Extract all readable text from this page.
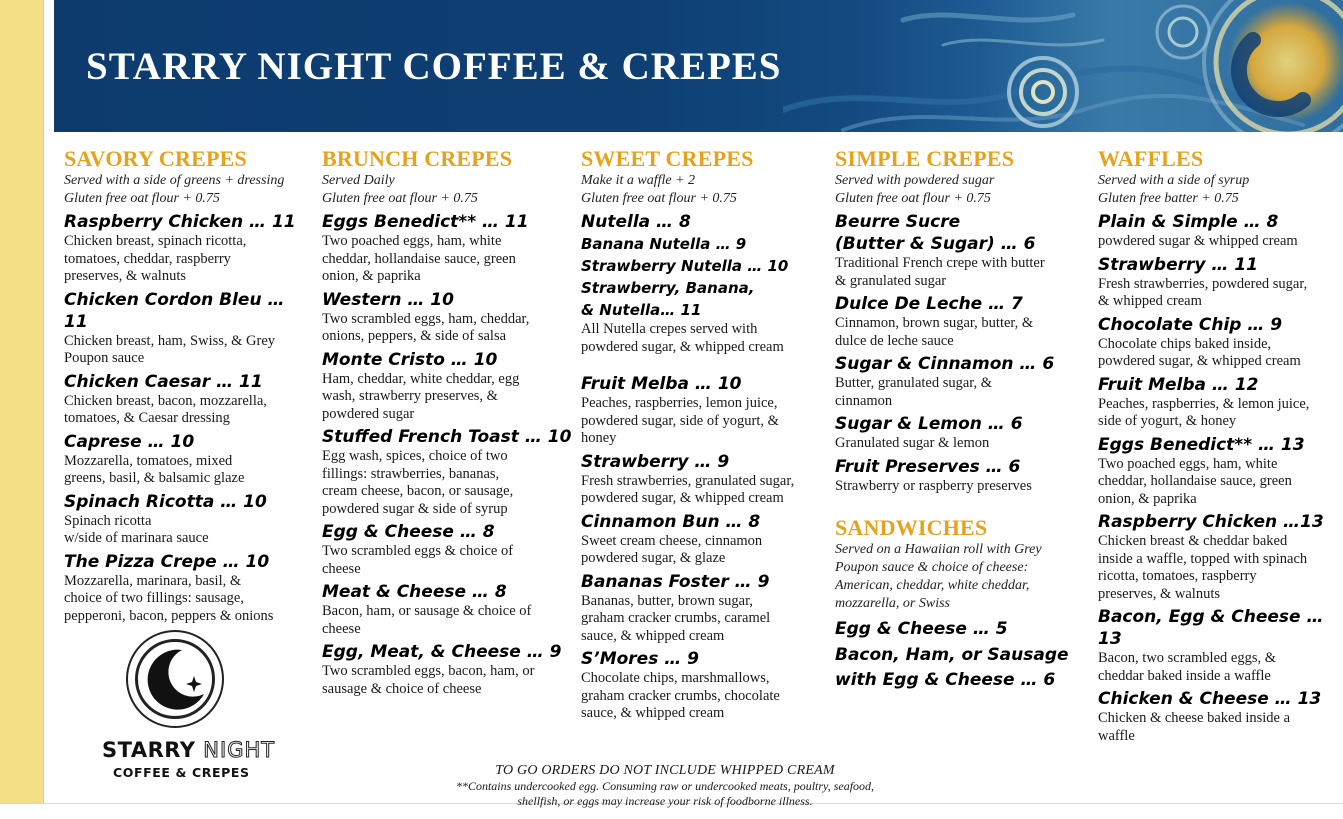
STARRY NIGHT COFFEE & CREPES
SAVORY CREPES
Served with a side of greens + dressing
Gluten free oat flour + 0.75
Raspberry Chicken … 11
Chicken breast, spinach ricotta,
tomatoes, cheddar, raspberry
preserves, & walnuts
Chicken Cordon Bleu … 11
Chicken breast, ham, Swiss, & Grey
Poupon sauce
Chicken Caesar … 11
Chicken breast, bacon, mozzarella,
tomatoes, & Caesar dressing
Caprese … 10
Mozzarella, tomatoes, mixed
greens, basil, & balsamic glaze
Spinach Ricotta … 10
Spinach ricotta
w/side of marinara sauce
The Pizza Crepe … 10
Mozzarella, marinara, basil, &
choice of two fillings: sausage,
pepperoni, bacon, peppers & onions
STARRY NIGHT
COFFEE & CREPES
BRUNCH CREPES
Served Daily
Gluten free oat flour + 0.75
Eggs Benedict** … 11
Two poached eggs, ham, white
cheddar, hollandaise sauce, green
onion, & paprika
Western … 10
Two scrambled eggs, ham, cheddar,
onions, peppers, & side of salsa
Monte Cristo … 10
Ham, cheddar, white cheddar, egg
wash, strawberry preserves, &
powdered sugar
Stuffed French Toast … 10
Egg wash, spices, choice of two
fillings: strawberries, bananas,
cream cheese, bacon, or sausage,
powdered sugar & side of syrup
Egg & Cheese … 8
Two scrambled eggs & choice of
cheese
Meat & Cheese … 8
Bacon, ham, or sausage & choice of
cheese
Egg, Meat, & Cheese … 9
Two scrambled eggs, bacon, ham, or
sausage & choice of cheese
SWEET CREPES
Make it a waffle + 2
Gluten free oat flour + 0.75
Nutella … 8
Banana Nutella … 9
Strawberry Nutella … 10
Strawberry, Banana,
& Nutella… 11
All Nutella crepes served with
powdered sugar, & whipped cream
Fruit Melba … 10
Peaches, raspberries, lemon juice,
powdered sugar, side of yogurt, &
honey
Strawberry … 9
Fresh strawberries, granulated sugar,
powdered sugar, & whipped cream
Cinnamon Bun … 8
Sweet cream cheese, cinnamon
powdered sugar, & glaze
Bananas Foster … 9
Bananas, butter, brown sugar,
graham cracker crumbs, caramel
sauce, & whipped cream
S’Mores … 9
Chocolate chips, marshmallows,
graham cracker crumbs, chocolate
sauce, & whipped cream
SIMPLE CREPES
Served with powdered sugar
Gluten free oat flour + 0.75
Beurre Sucre
(Butter & Sugar) … 6
Traditional French crepe with butter
& granulated sugar
Dulce De Leche … 7
Cinnamon, brown sugar, butter, &
dulce de leche sauce
Sugar & Cinnamon … 6
Butter, granulated sugar, &
cinnamon
Sugar & Lemon … 6
Granulated sugar & lemon
Fruit Preserves … 6
Strawberry or raspberry preserves
SANDWICHES
Served on a Hawaiian roll with Grey
Poupon sauce & choice of cheese:
American, cheddar, white cheddar,
mozzarella, or Swiss
Egg & Cheese … 5
Bacon, Ham, or Sausage
with Egg & Cheese … 6
WAFFLES
Served with a side of syrup
Gluten free batter + 0.75
Plain & Simple … 8
powdered sugar & whipped cream
Strawberry … 11
Fresh strawberries, powdered sugar,
& whipped cream
Chocolate Chip … 9
Chocolate chips baked inside,
powdered sugar, & whipped cream
Fruit Melba … 12
Peaches, raspberries, & lemon juice,
side of yogurt, & honey
Eggs Benedict** … 13
Two poached eggs, ham, white
cheddar, hollandaise sauce, green
onion, & paprika
Raspberry Chicken …13
Chicken breast & cheddar baked
inside a waffle, topped with spinach
ricotta, tomatoes, raspberry
preserves, & walnuts
Bacon, Egg & Cheese … 13
Bacon, two scrambled eggs, &
cheddar baked inside a waffle
Chicken & Cheese … 13
Chicken & cheese baked inside a
waffle
TO GO ORDERS DO NOT INCLUDE WHIPPED CREAM
**Contains undercooked egg. Consuming raw or undercooked meats, poultry, seafood,
shellfish, or eggs may increase your risk of foodborne illness.
